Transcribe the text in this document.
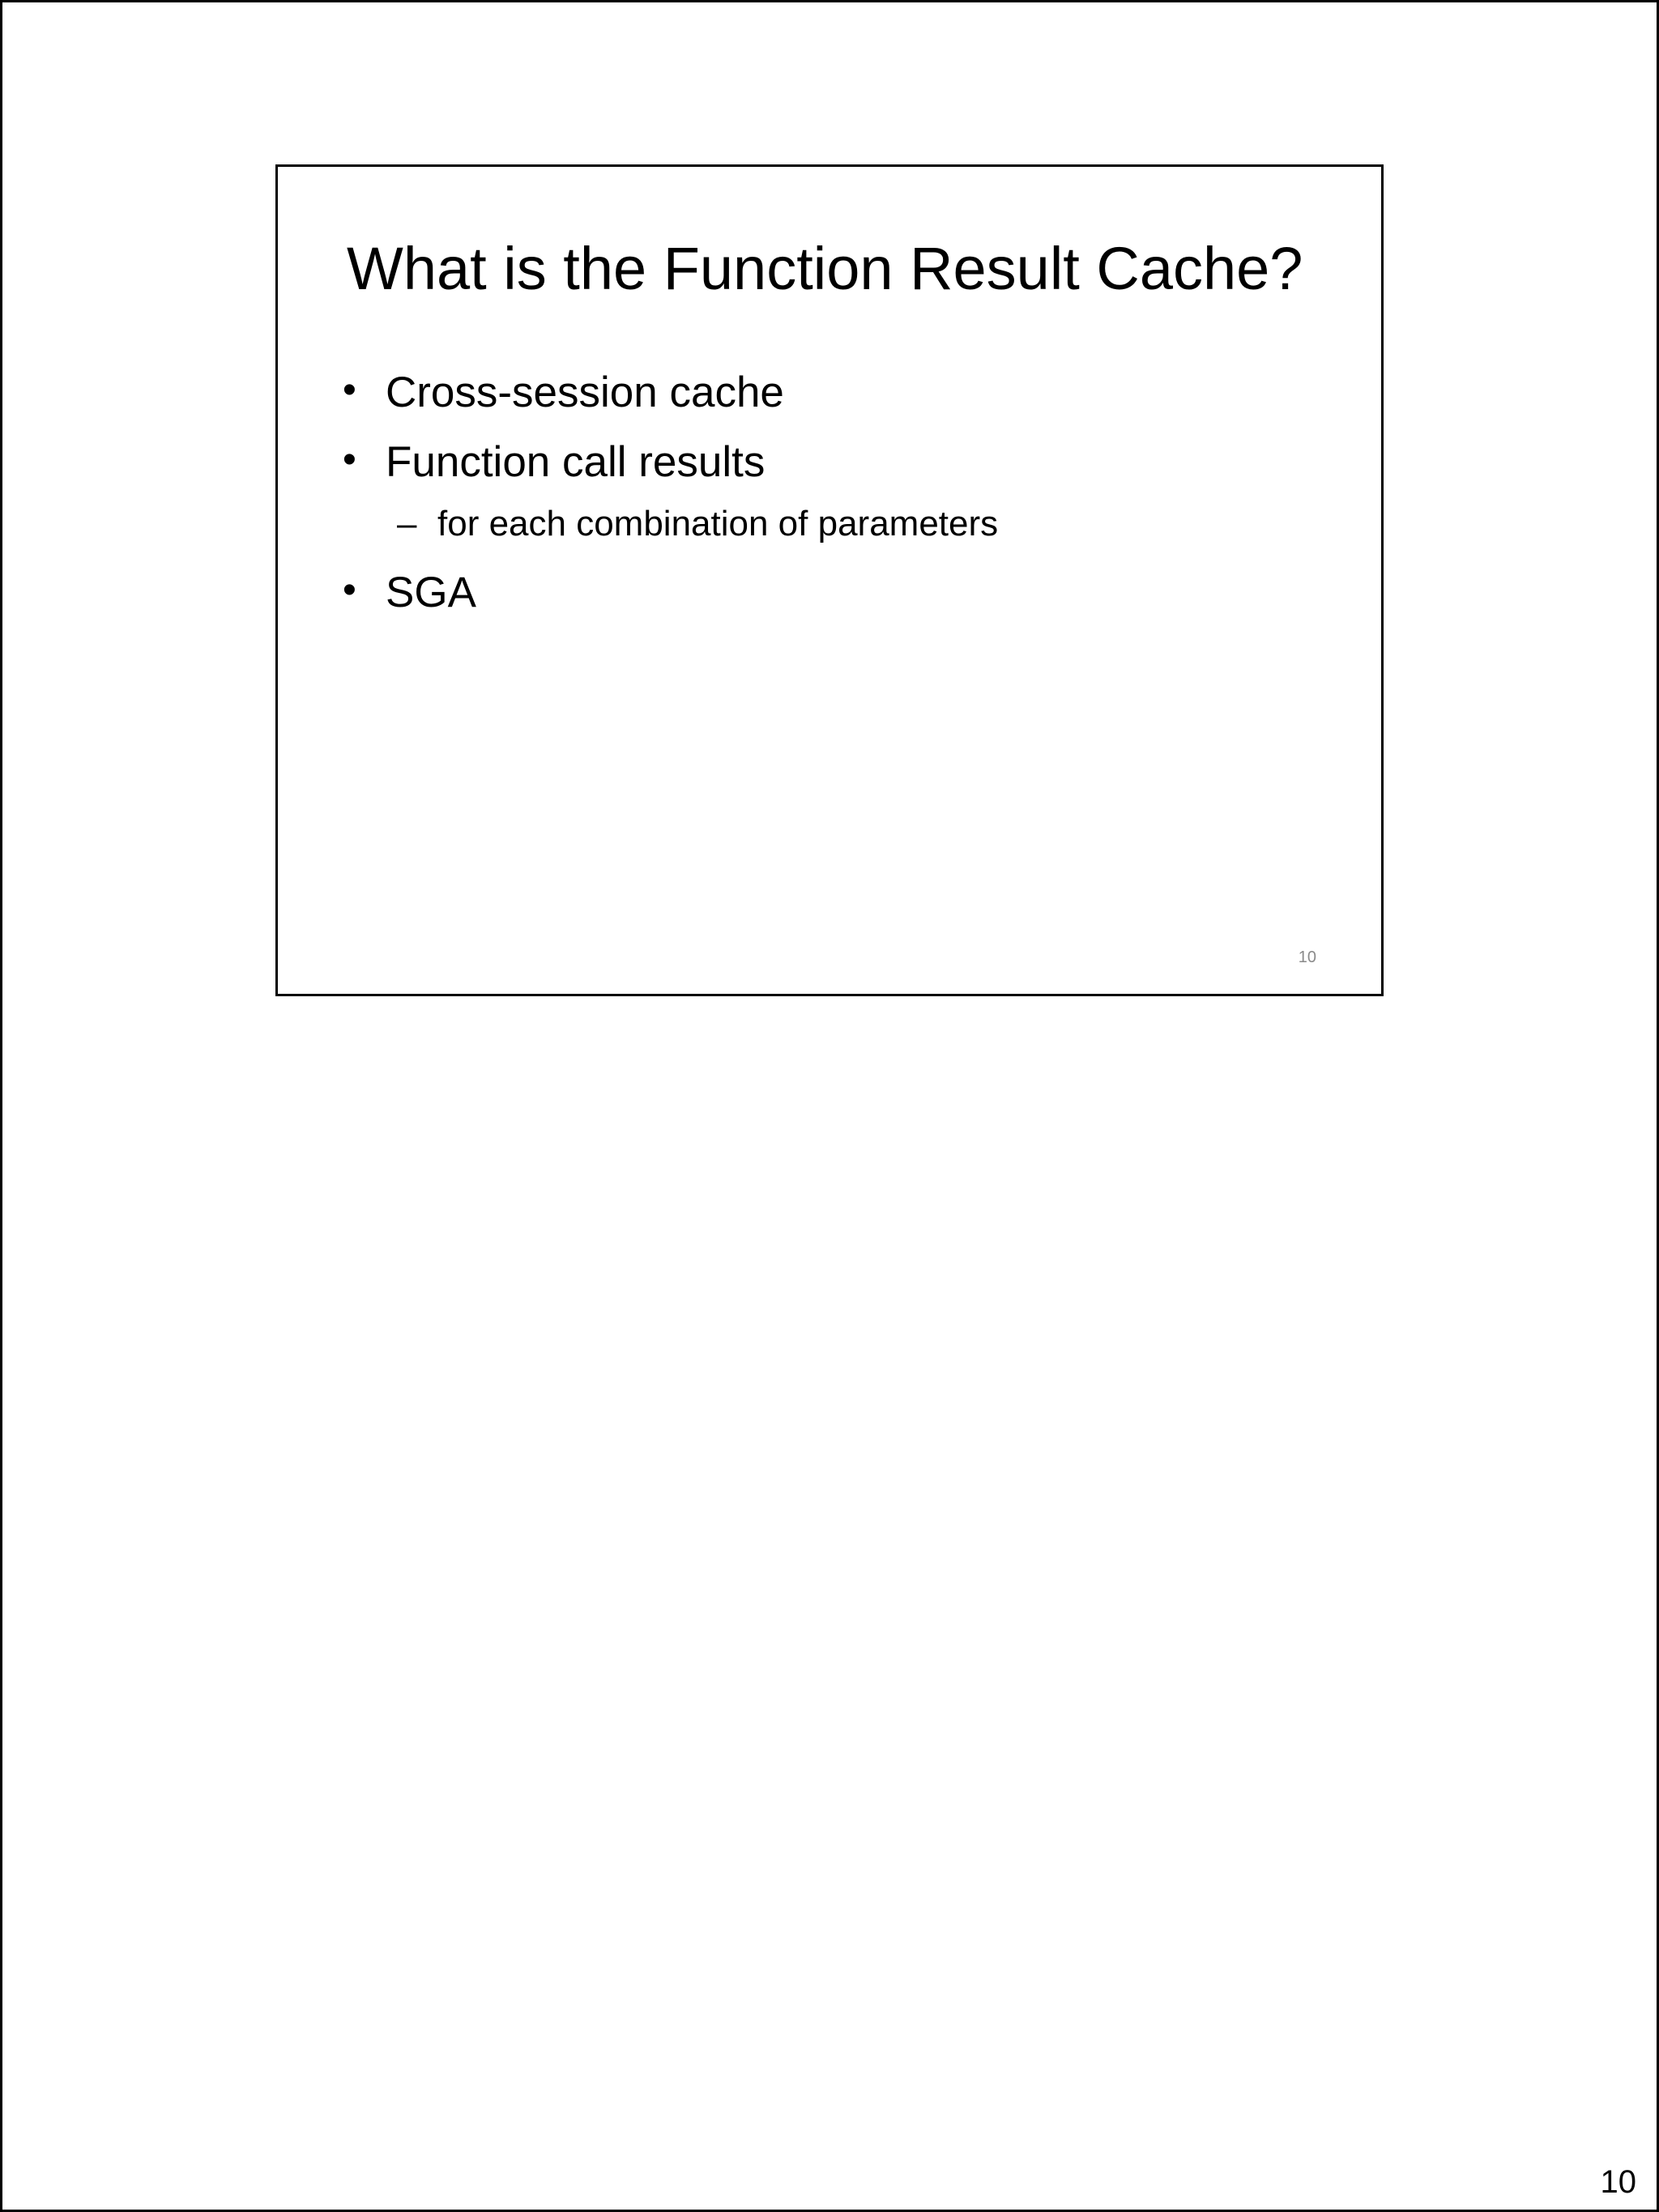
What is the Function Result Cache?
• Cross-session cache
• Function call results
– for each combination of parameters
• SGA
10
10
